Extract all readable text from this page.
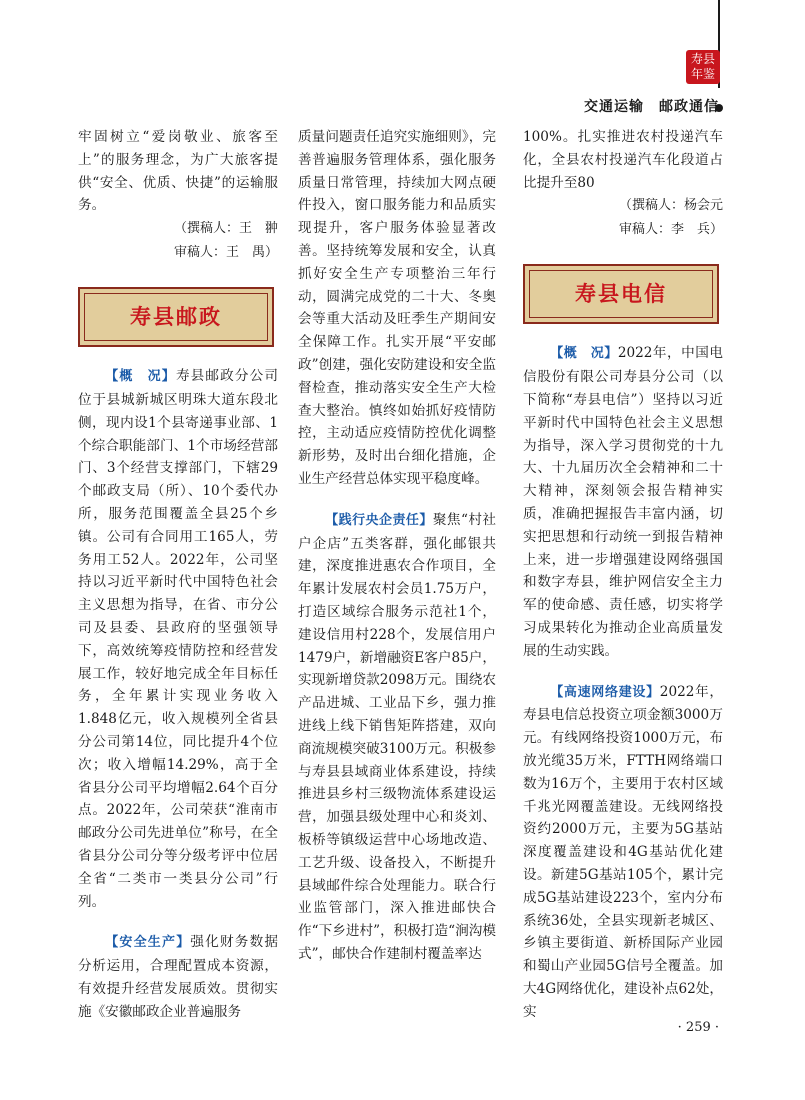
寿县年鉴
交通运输　邮政通信

牢固树立“爱岗敬业、旅客至上”的服务理念，为广大旅客提供“安全、优质、快捷”的运输服务。

（撰稿人：王　翀

审稿人：王　禺）

寿县邮政

【概　况】寿县邮政分公司位于县城新城区明珠大道东段北侧，现内设1个县寄递事业部、1个综合职能部门、1个市场经营部门、3个经营支撑部门，下辖29个邮政支局（所）、10个委代办所，服务范围覆盖全县25个乡镇。公司有合同用工165人，劳务用工52人。2022年，公司坚持以习近平新时代中国特色社会主义思想为指导，在省、市分公司及县委、县政府的坚强领导下，高效统筹疫情防控和经营发展工作，较好地完成全年目标任务，全年累计实现业务收入1.848亿元，收入规模列全省县分公司第14位，同比提升4个位次；收入增幅14.29%，高于全省县分公司平均增幅2.64个百分点。2022年，公司荣获“淮南市邮政分公司先进单位”称号，在全省县分公司分等分级考评中位居全省“二类市一类县分公司”行列。

【安全生产】强化财务数据分析运用，合理配置成本资源，有效提升经营发展质效。贯彻实施《安徽邮政企业普遍服务

质量问题责任追究实施细则》，完善普遍服务管理体系，强化服务质量日常管理，持续加大网点硬件投入，窗口服务能力和品质实现提升，客户服务体验显著改善。坚持统筹发展和安全，认真抓好安全生产专项整治三年行动，圆满完成党的二十大、冬奥会等重大活动及旺季生产期间安全保障工作。扎实开展“平安邮政”创建，强化安防建设和安全监督检查，推动落实安全生产大检查大整治。慎终如始抓好疫情防控，主动适应疫情防控优化调整新形势，及时出台细化措施，企业生产经营总体实现平稳度峰。

【践行央企责任】聚焦“村社户企店”五类客群，强化邮银共建，深度推进惠农合作项目，全年累计发展农村会员1.75万户，打造区域综合服务示范社1个，建设信用村228个，发展信用户1479户，新增融资E客户85户，实现新增贷款2098万元。围绕农产品进城、工业品下乡，强力推进线上线下销售矩阵搭建，双向商流规模突破3100万元。积极参与寿县县域商业体系建设，持续推进县乡村三级物流体系建设运营，加强县级处理中心和炎刘、板桥等镇级运营中心场地改造、工艺升级、设备投入，不断提升县域邮件综合处理能力。联合行业监管部门，深入推进邮快合作“下乡进村”，积极打造“涧沟模式”，邮快合作建制村覆盖率达

100%。扎实推进农村投递汽车化，全县农村投递汽车化段道占比提升至80

（撰稿人：杨会元

审稿人：李　兵）

寿县电信

【概　况】2022年，中国电信股份有限公司寿县分公司（以下简称“寿县电信”）坚持以习近平新时代中国特色社会主义思想为指导，深入学习贯彻党的十九大、十九届历次全会精神和二十大精神，深刻领会报告精神实质，准确把握报告丰富内涵，切实把思想和行动统一到报告精神上来，进一步增强建设网络强国和数字寿县，维护网信安全主力军的使命感、责任感，切实将学习成果转化为推动企业高质量发展的生动实践。

【高速网络建设】2022年，寿县电信总投资立项金额3000万元。有线网络投资1000万元，布放光缆35万米，FTTH网络端口数为16万个，主要用于农村区域千兆光网覆盖建设。无线网络投资约2000万元，主要为5G基站深度覆盖建设和4G基站优化建设。新建5G基站105个，累计完成5G基站建设223个，室内分布系统36处，全县实现新老城区、乡镇主要街道、新桥国际产业园和蜀山产业园5G信号全覆盖。加大4G网络优化，建设补点62处，实

· 259 ·
